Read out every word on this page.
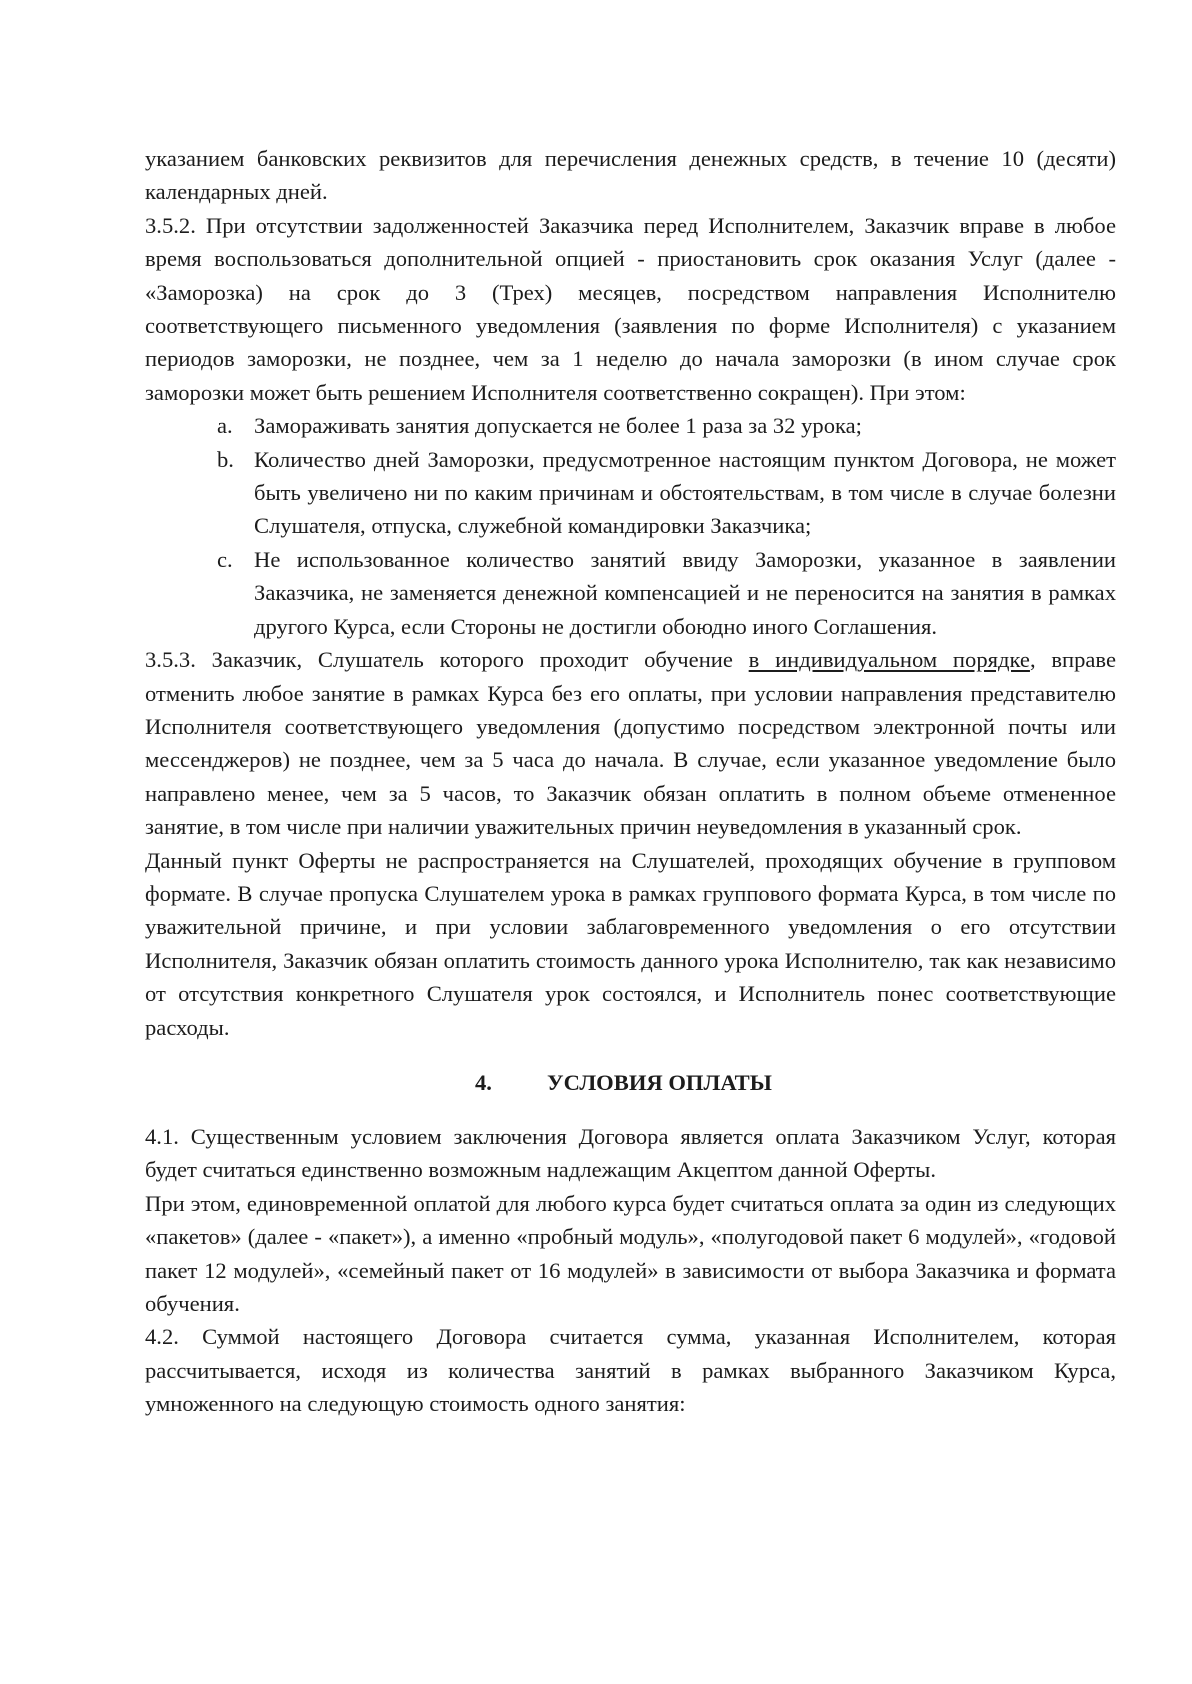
указанием банковских реквизитов для перечисления денежных средств, в течение 10 (десяти) календарных дней.

3.5.2. При отсутствии задолженностей Заказчика перед Исполнителем, Заказчик вправе в любое время воспользоваться дополнительной опцией - приостановить срок оказания Услуг (далее - «Заморозка) на срок до 3 (Трех) месяцев, посредством направления Исполнителю соответствующего письменного уведомления (заявления по форме Исполнителя) с указанием периодов заморозки, не позднее, чем за 1 неделю до начала заморозки (в ином случае срок заморозки может быть решением Исполнителя соответственно сокращен). При этом:

a. Замораживать занятия допускается не более 1 раза за 32 урока;
b. Количество дней Заморозки, предусмотренное настоящим пунктом Договора, не может быть увеличено ни по каким причинам и обстоятельствам, в том числе в случае болезни Слушателя, отпуска, служебной командировки Заказчика;
c. Не использованное количество занятий ввиду Заморозки, указанное в заявлении Заказчика, не заменяется денежной компенсацией и не переносится на занятия в рамках другого Курса, если Стороны не достигли обоюдно иного Соглашения.

3.5.3. Заказчик, Слушатель которого проходит обучение в индивидуальном порядке, вправе отменить любое занятие в рамках Курса без его оплаты, при условии направления представителю Исполнителя соответствующего уведомления (допустимо посредством электронной почты или мессенджеров) не позднее, чем за 5 часа до начала. В случае, если указанное уведомление было направлено менее, чем за 5 часов, то Заказчик обязан оплатить в полном объеме отмененное занятие, в том числе при наличии уважительных причин неуведомления в указанный срок.

Данный пункт Оферты не распространяется на Слушателей, проходящих обучение в групповом формате. В случае пропуска Слушателем урока в рамках группового формата Курса, в том числе по уважительной причине, и при условии заблаговременного уведомления о его отсутствии Исполнителя, Заказчик обязан оплатить стоимость данного урока Исполнителю, так как независимо от отсутствия конкретного Слушателя урок состоялся, и Исполнитель понес соответствующие расходы.

4. УСЛОВИЯ ОПЛАТЫ

4.1. Существенным условием заключения Договора является оплата Заказчиком Услуг, которая будет считаться единственно возможным надлежащим Акцептом данной Оферты.

При этом, единовременной оплатой для любого курса будет считаться оплата за один из следующих «пакетов» (далее - «пакет»), а именно «пробный модуль», «полугодовой пакет 6 модулей», «годовой пакет 12 модулей», «семейный пакет от 16 модулей» в зависимости от выбора Заказчика и формата обучения.

4.2. Суммой настоящего Договора считается сумма, указанная Исполнителем, которая рассчитывается, исходя из количества занятий в рамках выбранного Заказчиком Курса, умноженного на следующую стоимость одного занятия:
